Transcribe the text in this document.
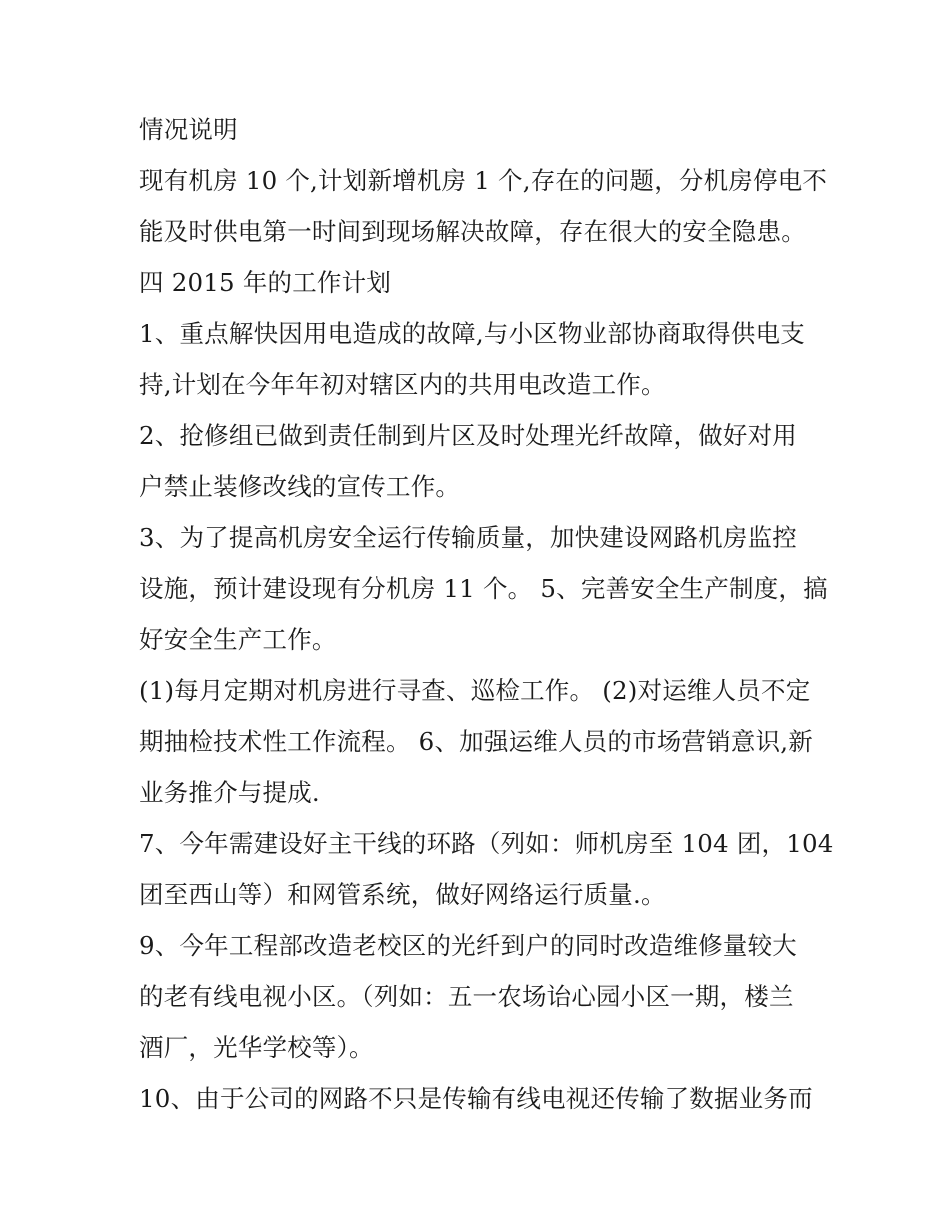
情况说明
现有机房 10 个,计划新增机房 1 个,存在的问题，分机房停电不
能及时供电第一时间到现场解决故障，存在很大的安全隐患。
四 2015 年的工作计划
1、重点解快因用电造成的故障,与小区物业部协商取得供电支
持,计划在今年年初对辖区内的共用电改造工作。
2、抢修组已做到责任制到片区及时处理光纤故障，做好对用
户禁止装修改线的宣传工作。
3、为了提高机房安全运行传输质量，加快建设网路机房监控
设施，预计建设现有分机房 11 个。 5、完善安全生产制度，搞
好安全生产工作。
(1)每月定期对机房进行寻查、巡检工作。 (2)对运维人员不定
期抽检技术性工作流程。 6、加强运维人员的市场营销意识,新
业务推介与提成.
7、今年需建设好主干线的环路（列如：师机房至 104 团，104
团至西山等）和网管系统，做好网络运行质量.。
9、今年工程部改造老校区的光纤到户的同时改造维修量较大
的老有线电视小区。（列如：五一农场诒心园小区一期，楼兰
酒厂，光华学校等）。
10、由于公司的网路不只是传输有线电视还传输了数据业务而
